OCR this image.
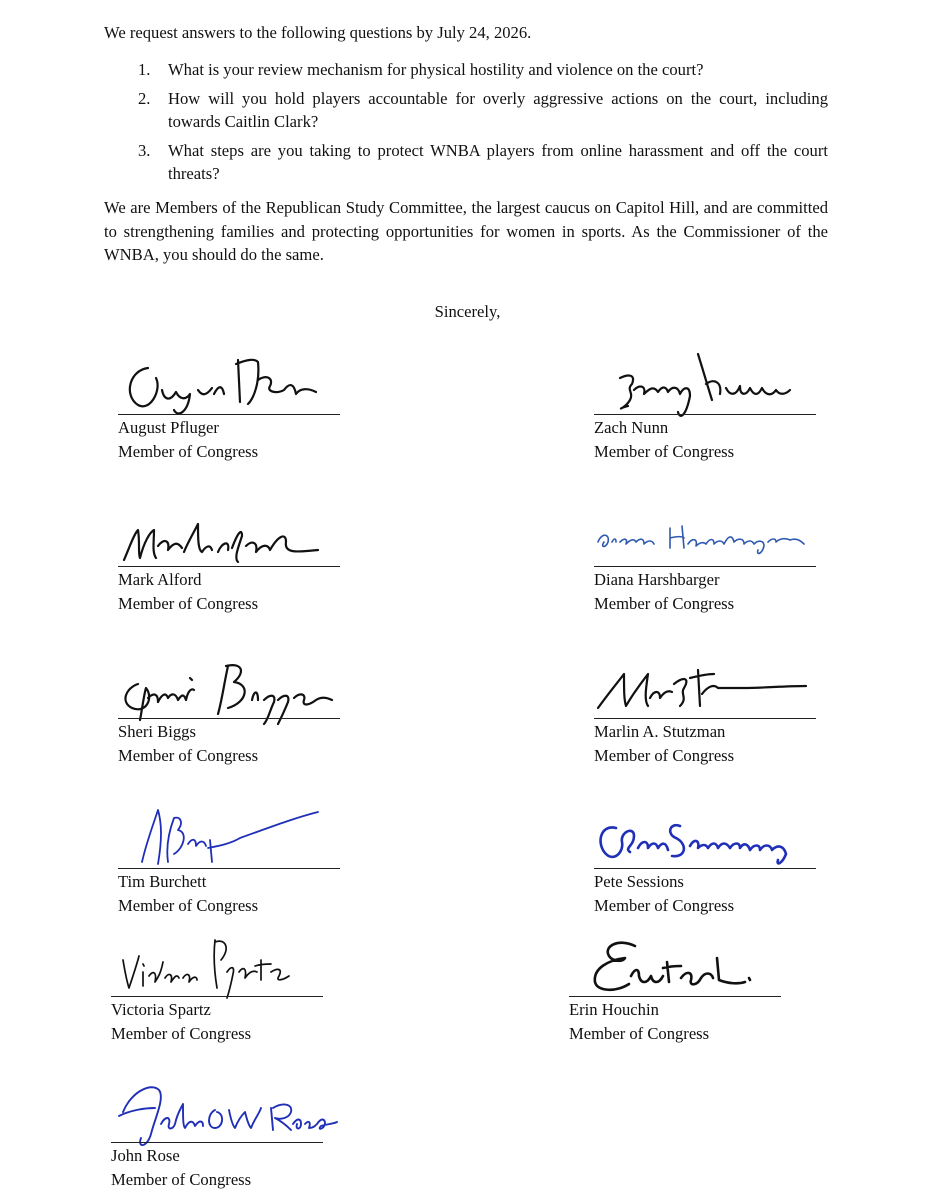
We request answers to the following questions by July 24, 2026.

1. What is your review mechanism for physical hostility and violence on the court?
2. How will you hold players accountable for overly aggressive actions on the court, including towards Caitlin Clark?
3. What steps are you taking to protect WNBA players from online harassment and off the court threats?

We are Members of the Republican Study Committee, the largest caucus on Capitol Hill, and are committed to strengthening families and protecting opportunities for women in sports. As the Commissioner of the WNBA, you should do the same.

Sincerely,
August Pfluger
Member of Congress
Zach Nunn
Member of Congress
Mark Alford
Member of Congress
Diana Harshbarger
Member of Congress
Sheri Biggs
Member of Congress
Marlin A. Stutzman
Member of Congress
Tim Burchett
Member of Congress
Pete Sessions
Member of Congress
Victoria Spartz
Member of Congress
Erin Houchin
Member of Congress
John Rose
Member of Congress
